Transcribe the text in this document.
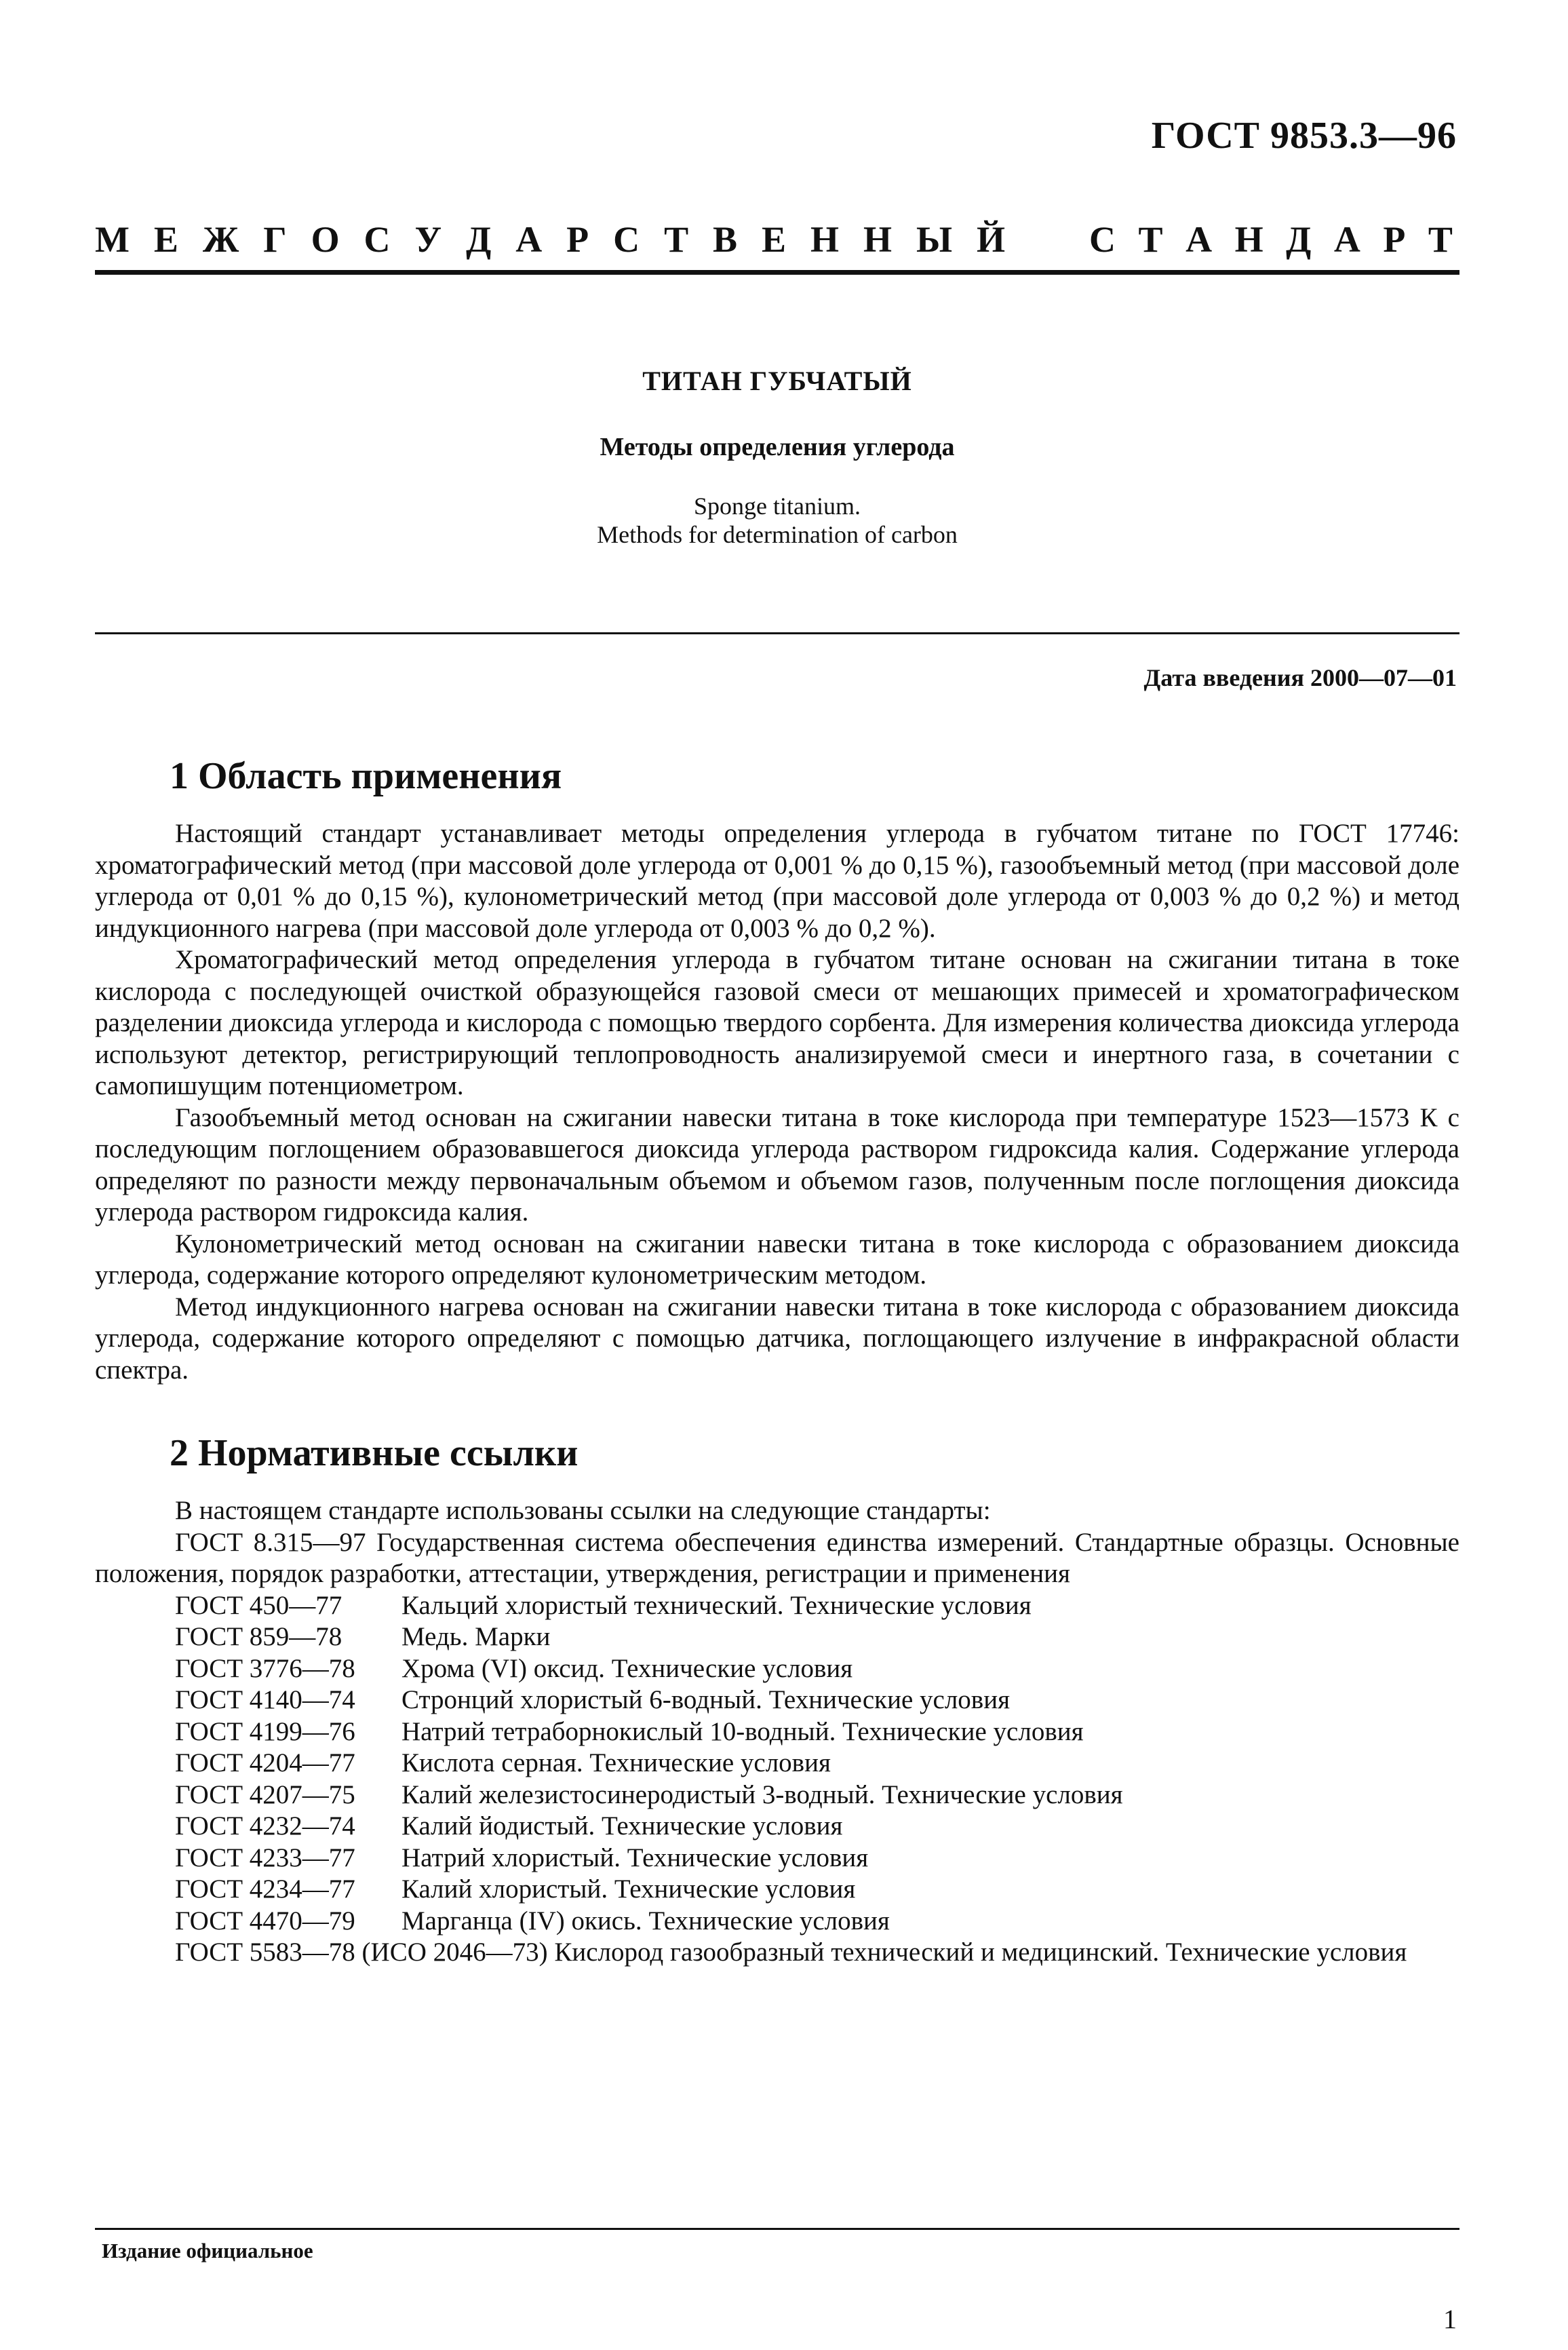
ГОСТ 9853.3—96
М Е Ж Г О С У Д А Р С Т В Е Н Н Ы Й С Т А Н Д А Р Т
ТИТАН ГУБЧАТЫЙ
Методы определения углерода
Sponge titanium.
Methods for determination of carbon
Дата введения 2000—07—01
1 Область применения

Настоящий стандарт устанавливает методы определения углерода в губчатом титане по ГОСТ 17746: хроматографический метод (при массовой доле углерода от 0,001 % до 0,15 %), газообъемный метод (при массовой доле углерода от 0,01 % до 0,15 %), кулонометрический метод (при массовой доле углерода от 0,003 % до 0,2 %) и метод индукционного нагрева (при массовой доле углерода от 0,003 % до 0,2 %).

Хроматографический метод определения углерода в губчатом титане основан на сжигании титана в токе кислорода с последующей очисткой образующейся газовой смеси от мешающих примесей и хроматографическом разделении диоксида углерода и кислорода с помощью твердого сорбента. Для измерения количества диоксида углерода используют детектор, регистрирующий теплопроводность анализируемой смеси и инертного газа, в сочетании с самопишущим потенциометром.

Газообъемный метод основан на сжигании навески титана в токе кислорода при температуре 1523—1573 К с последующим поглощением образовавшегося диоксида углерода раствором гидроксида калия. Содержание углерода определяют по разности между первоначальным объемом и объемом газов, полученным после поглощения диоксида углерода раствором гидроксида калия.

Кулонометрический метод основан на сжигании навески титана в токе кислорода с образованием диоксида углерода, содержание которого определяют кулонометрическим методом.

Метод индукционного нагрева основан на сжигании навески титана в токе кислорода с образованием диоксида углерода, содержание которого определяют с помощью датчика, поглощающего излучение в инфракрасной области спектра.

2 Нормативные ссылки

В настоящем стандарте использованы ссылки на следующие стандарты:

ГОСТ 8.315—97 Государственная система обеспечения единства измерений. Стандартные образцы. Основные положения, порядок разработки, аттестации, утверждения, регистрации и применения

ГОСТ 450—77	Кальций хлористый технический. Технические условия
ГОСТ 859—78	Медь. Марки
ГОСТ 3776—78	Хрома (VI) оксид. Технические условия
ГОСТ 4140—74	Стронций хлористый 6-водный. Технические условия
ГОСТ 4199—76	Натрий тетраборнокислый 10-водный. Технические условия
ГОСТ 4204—77	Кислота серная. Технические условия
ГОСТ 4207—75	Калий железистосинеродистый 3-водный. Технические условия
ГОСТ 4232—74	Калий йодистый. Технические условия
ГОСТ 4233—77	Натрий хлористый. Технические условия
ГОСТ 4234—77	Калий хлористый. Технические условия
ГОСТ 4470—79	Марганца (IV) окись. Технические условия

ГОСТ 5583—78 (ИСО 2046—73) Кислород газообразный технический и медицинский. Технические условия

Издание официальное
1
